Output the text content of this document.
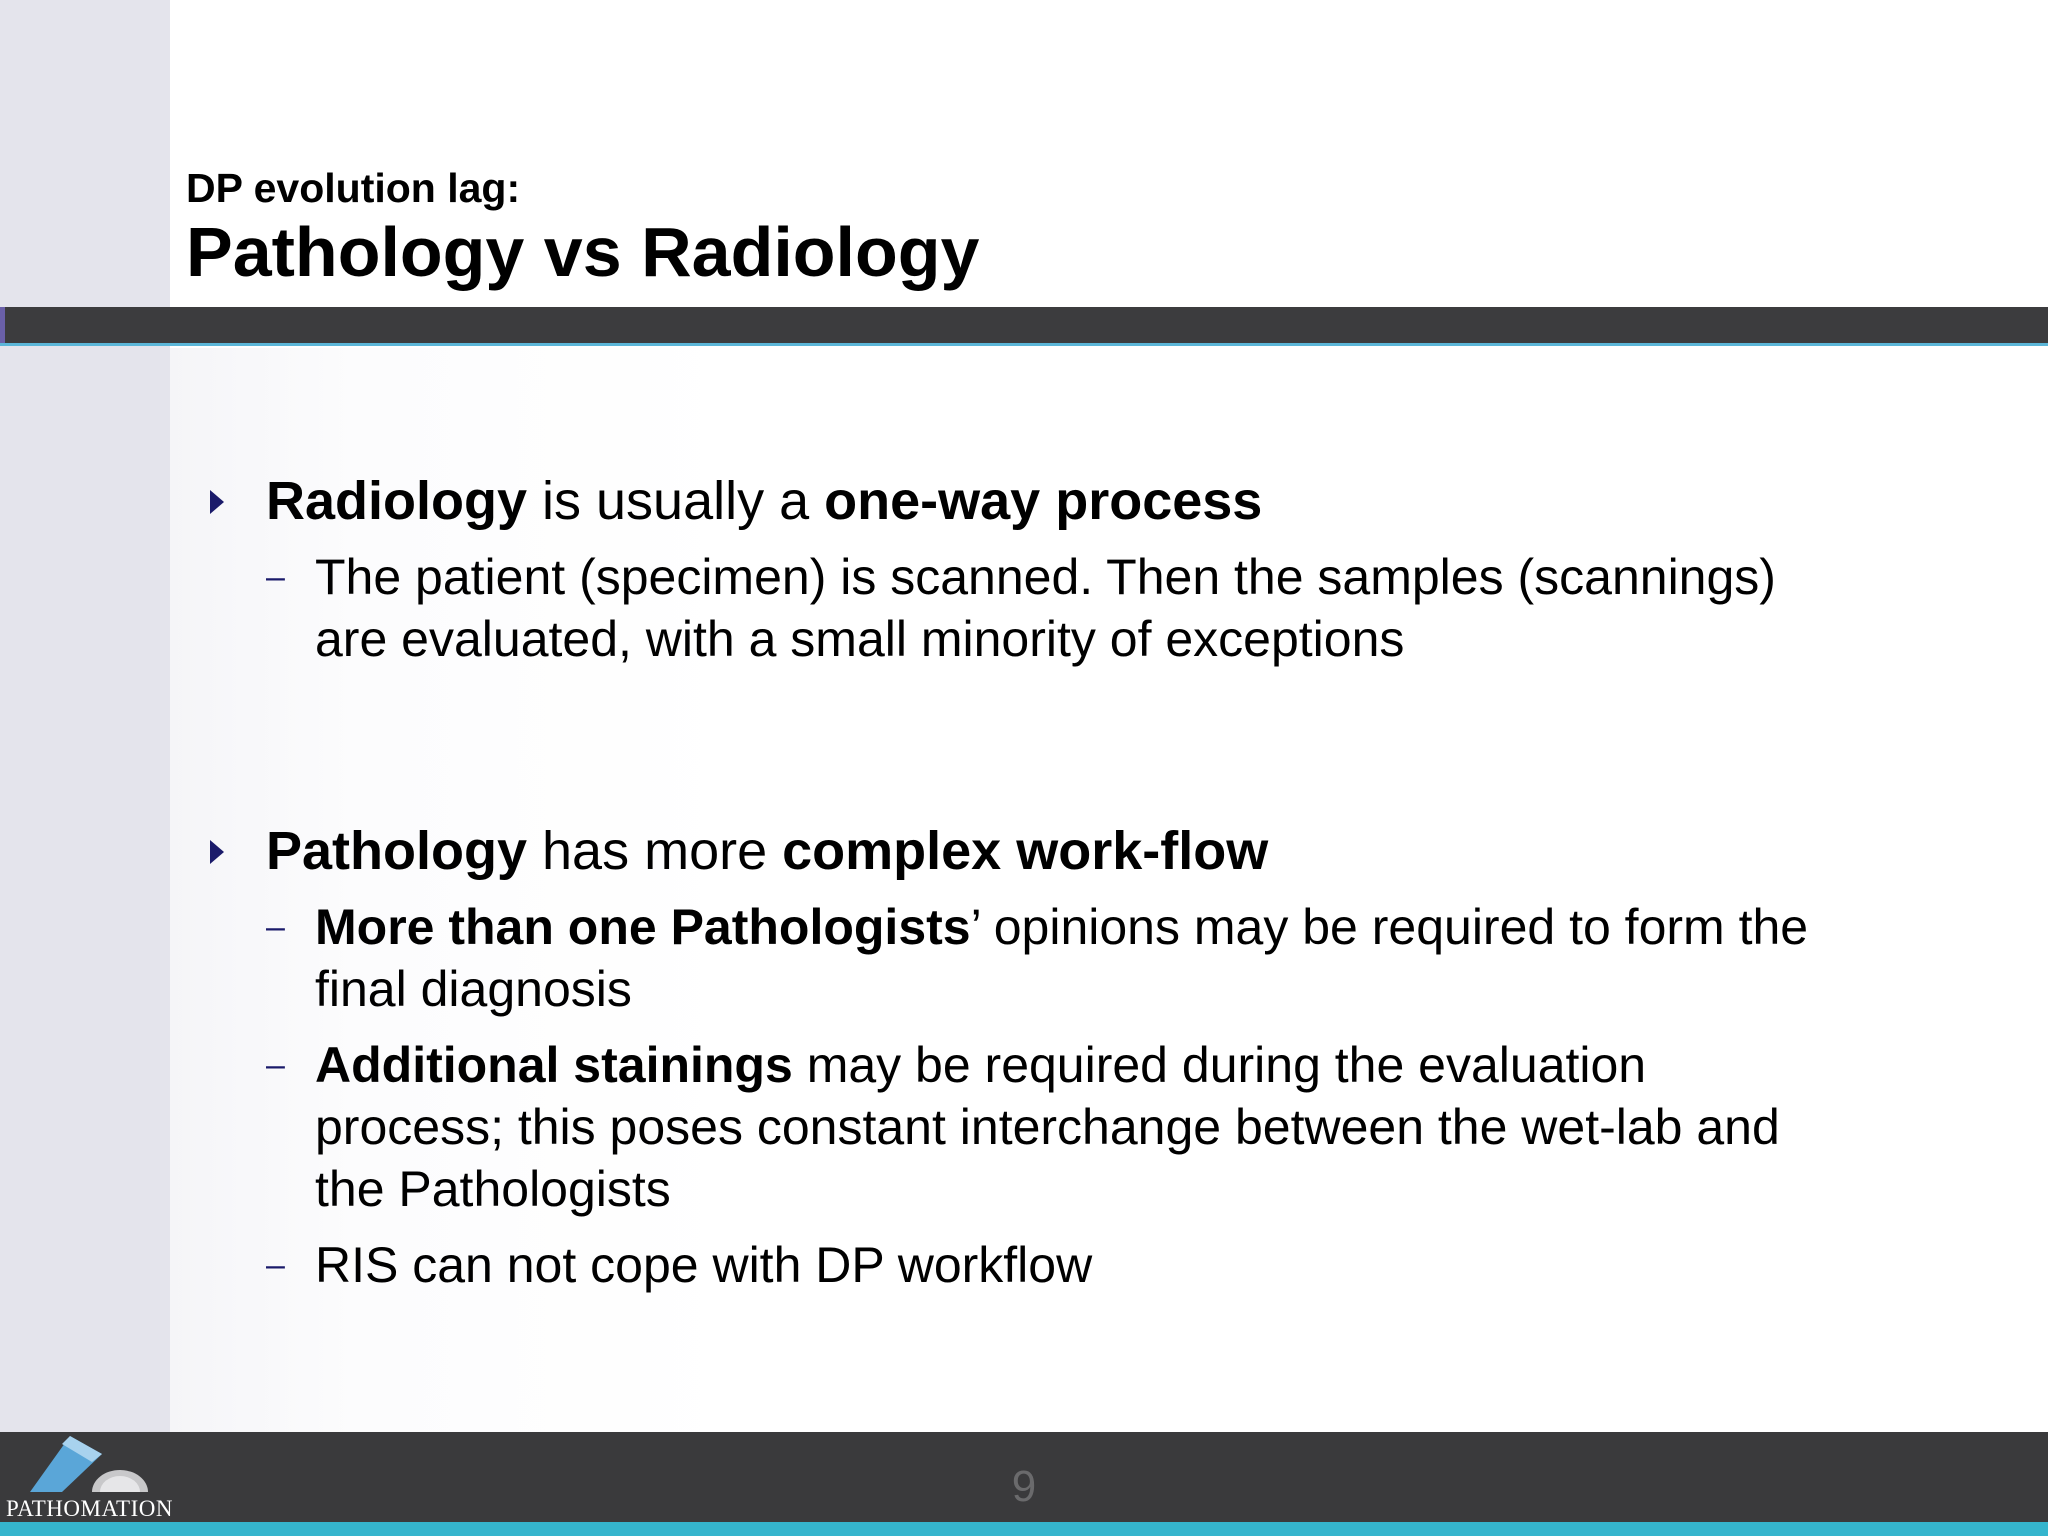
DP evolution lag:
Pathology vs Radiology
Radiology is usually a one-way process
– The patient (specimen) is scanned. Then the samples (scannings) are evaluated, with a small minority of exceptions
Pathology has more complex work-flow
– More than one Pathologists’ opinions may be required to form the final diagnosis
– Additional stainings may be required during the evaluation process; this poses constant interchange between the wet-lab and the Pathologists
– RIS can not cope with DP workflow
9
PATHOMATION
